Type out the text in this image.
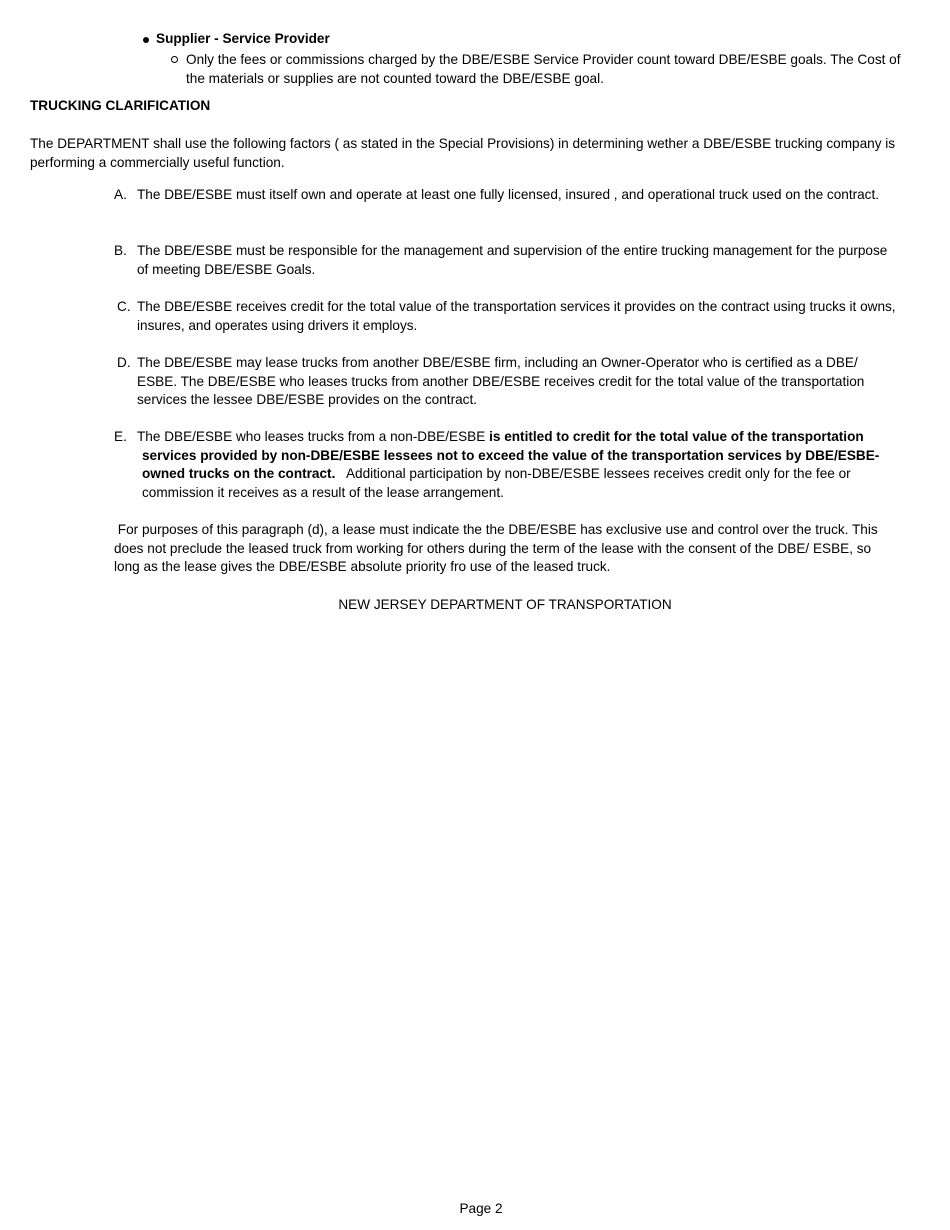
Supplier - Service Provider
Only the fees or commissions charged by the DBE/ESBE Service Provider count toward DBE/ESBE goals. The Cost of the materials or supplies are not counted toward the DBE/ESBE goal.
TRUCKING CLARIFICATION
The DEPARTMENT shall use the following factors ( as stated in the Special Provisions) in determining wether a DBE/ESBE trucking company is performing a commercially useful function.
A. The DBE/ESBE must itself own and operate at least one fully licensed, insured , and operational truck used on the contract.
B. The DBE/ESBE must be responsible for the management and supervision of the entire trucking management for the purpose of meeting DBE/ESBE Goals.
C. The DBE/ESBE receives credit for the total value of the transportation services it provides on the contract using trucks it owns, insures, and operates using drivers it employs.
D. The DBE/ESBE may lease trucks from another DBE/ESBE firm, including an Owner-Operator who is certified as a DBE/ ESBE. The DBE/ESBE who leases trucks from another DBE/ESBE receives credit for the total value of the transportation services the lessee DBE/ESBE provides on the contract.
E. The DBE/ESBE who leases trucks from a non-DBE/ESBE is entitled to credit for the total value of the transportation services provided by non-DBE/ESBE lessees not to exceed the value of the transportation services by DBE/ESBE-owned trucks on the contract.   Additional participation by non-DBE/ESBE lessees receives credit only for the fee or commission it receives as a result of the lease arrangement.
For purposes of this paragraph (d), a lease must indicate the the DBE/ESBE has exclusive use and control over the truck. This does not preclude the leased truck from working for others during the term of the lease with the consent of the DBE/ ESBE, so long as the lease gives the DBE/ESBE absolute priority fro use of the leased truck.
NEW JERSEY DEPARTMENT OF TRANSPORTATION
Page 2
